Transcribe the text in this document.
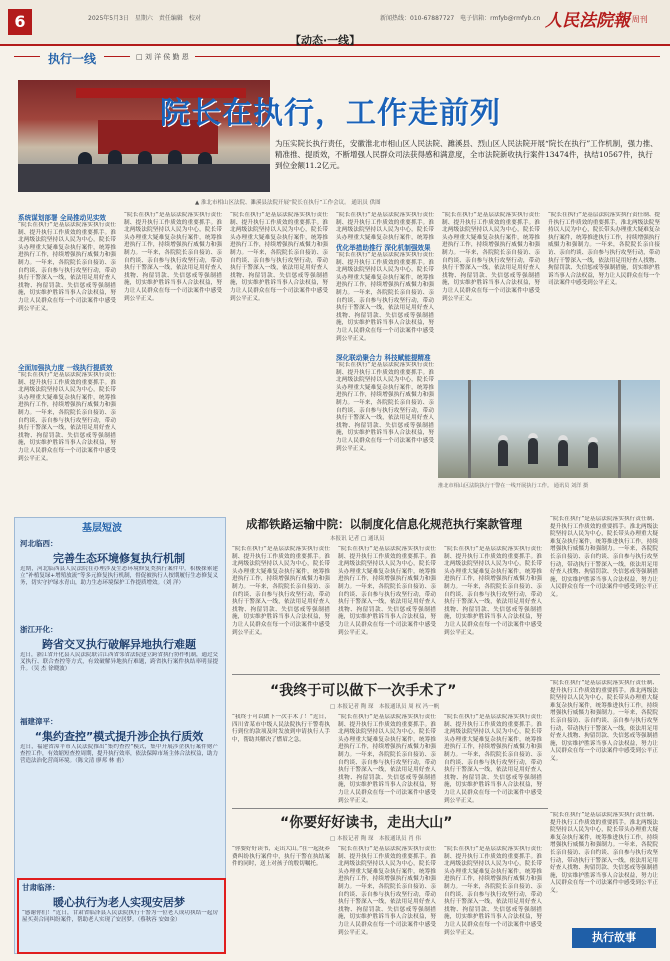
6	2025年5月3日　星期六　责任编辑　校对	新闻热线：010-67887727　电子信箱：rmfyb@rmfyb.cn
【动态·一线】
人民法院報
6 周刊
执行一线	□ 刘 洋 侯 勤 恩
院长在执行，工作走前列
为压实院长执行责任，安徽淮北市相山区人民法院、濉溪县、烈山区人民法院开展“院长在执行”工作机制，强力推、精准推、提质效，不断增强人民群众司法获得感和满意度，全市法院新收执行案件13474件，执结10567件，执行到位金额11.2亿元。
▲ 淮北市相山区法院、濉溪县法院开展“院长在执行”工作会议。 通讯员 供图
系统谋划部署 全局推动见实效
“院长在执行”是基层法院落实执行责任制、提升执行工作质效的重要抓手。淮北两级法院坚持以人民为中心，院长带头办理重大疑难复杂执行案件，统筹推进执行工作，持续增强执行威慑力和强制力。一年来，各院院长亲自接访、亲自约谈、亲自参与执行攻坚行动，带动执行干警深入一线，依法用足用好查人找物、拘留罚款、失信惩戒等强制措施，切实维护胜诉当事人合法权益，努力让人民群众在每一个司法案件中感受到公平正义。
全面加强执力度 一线执行提质效
“院长在执行”是基层法院落实执行责任制、提升执行工作质效的重要抓手。淮北两级法院坚持以人民为中心，院长带头办理重大疑难复杂执行案件，统筹推进执行工作，持续增强执行威慑力和强制力。一年来，各院院长亲自接访、亲自约谈、亲自参与执行攻坚行动，带动执行干警深入一线，依法用足用好查人找物、拘留罚款、失信惩戒等强制措施，切实维护胜诉当事人合法权益，努力让人民群众在每一个司法案件中感受到公平正义。
“院长在执行”是基层法院落实执行责任制、提升执行工作质效的重要抓手。淮北两级法院坚持以人民为中心，院长带头办理重大疑难复杂执行案件，统筹推进执行工作，持续增强执行威慑力和强制力。一年来，各院院长亲自接访、亲自约谈、亲自参与执行攻坚行动，带动执行干警深入一线，依法用足用好查人找物、拘留罚款、失信惩戒等强制措施，切实维护胜诉当事人合法权益，努力让人民群众在每一个司法案件中感受到公平正义。
“院长在执行”是基层法院落实执行责任制、提升执行工作质效的重要抓手。淮北两级法院坚持以人民为中心，院长带头办理重大疑难复杂执行案件，统筹推进执行工作，持续增强执行威慑力和强制力。一年来，各院院长亲自接访、亲自约谈、亲自参与执行攻坚行动，带动执行干警深入一线，依法用足用好查人找物、拘留罚款、失信惩戒等强制措施，切实维护胜诉当事人合法权益，努力让人民群众在每一个司法案件中感受到公平正义。
优化举措助推行 深化机制强效果
“院长在执行”是基层法院落实执行责任制、提升执行工作质效的重要抓手。淮北两级法院坚持以人民为中心，院长带头办理重大疑难复杂执行案件，统筹推
“院长在执行”是基层法院落实执行责任制、提升执行工作质效的重要抓手。淮北两级法院坚持以人民为中心，院长带头办理重大疑难复杂执行案件，统筹推进执行工作，持续增强执行威慑力和强制力。一年来，各院院长亲自接访、亲自约谈、亲自参与执行攻坚行动，带动执行干警深入一线，依法用足用好查人找物、拘留罚款、失信惩戒等强制措施，切实维护胜诉当事人合法权益，努力让人民群众在每一个司法案件中感受到公平正义。
深化联动聚合力 科技赋能提精准
“院长在执行”是基层法院落实执行责任制、提升执行工作质效的重要抓手。淮北两级法院坚持以人民为中心，院长带头办理重大疑难复杂执行案件，统筹推进执行工作，持续增强执行威慑力和强制力。一年来，各院院长亲自接访、亲自约谈、亲自参与执行攻坚行动，带动执行干警深入一线，依法用足用好查人找物、拘留罚款、失信惩戒等强制措施，切实维护胜诉当事人合法权益，努力让人民群众在每一个司法案件中感受到公平正义。
“院长在执行”是基层法院落实执行责任制、提升执行工作质效的重要抓手。淮北两级法院坚持以人民为中心，院长带头办理重大疑难复杂执行案件，统筹推进执行工作，持续增强执行威慑力和强制力。一年来，各院院长亲自接访、亲自约谈、亲自参与执行攻坚行动，带动执行干警深入一线，依法用足用好查人找物、拘留罚款、失信惩戒等强制措施，切实维护胜诉当事人合法权益，努力让人民群众在每一个司法案件中感受到公平正义。
“院长在执行”是基层法院落实执行责任制、提升执行工作质效的重要抓手。淮北两级法院坚持以人民为中心，院长带头办理重大疑难复杂执行案件，统筹推进执行工作，持续增强执行威慑力和强制力。一年来，各院院长亲自接访、亲自约谈、亲自参与执行攻坚行动，带动执行干警深入一线，依法用足用好查人找物、拘留罚款、失信惩戒等强制措施，切实维护胜诉当事人合法权益，努力让人民群众在每一个司法案件中感受到公平正义。
淮北市相山区法院执行干警在一线开展执行工作。 通讯员 刘洋 摄
基层短波
河北临西：
完善生态环境修复执行机制
近期，河北临西县人民法院在办理涉及生态环境修复类执行案件中，积极探索建立“补植复绿+增殖放流”等多元修复执行机制，督促被执行人按期履行生态修复义务，切实守护绿水青山，助力生态环境保护工作提质增效。（刘 洋）
浙江开化：
跨省交叉执行破解异地执行难题
近日，浙江省开化县人民法院联合江西省邻省法院建立跨省执行协作机制，通过交叉执行、联合查控等方式，有效破解异地执行难题，跨省执行案件执结率明显提升。（吴 杰 徐晓波）
福建漳平：
“集约查控”模式提升涉企执行质效
近日，福建省漳平市人民法院推出“集约查控”模式，集中开展涉企执行案件财产查控工作，有效缩短查控周期，提升执行效率，依法保障市场主体合法权益，助力营造法治化营商环境。（陈文清 廖邦 林 甫）
甘肃临泽：
暖心执行为老人实现安居梦
“感谢你们！”近日，甘肃省临泽县人民法院执行干警为一位老人成功执结一起房屋买卖合同纠纷案件，帮助老人实现了安居梦。（蔡秋容 安如金）
成都铁路运输中院：以制度化信息化规范执行案款管理
本报讯 记者 □ 通讯员
“院长在执行”是基层法院落实执行责任制、提升执行工作质效的重要抓手。淮北两级法院坚持以人民为中心，院长带头办理重大疑难复杂执行案件，统筹推进执行工作，持续增强执行威慑力和强制力。一年来，各院院长亲自接访、亲自约谈、亲自参与执行攻坚行动，带动执行干警深入一线，依法用足用好查人找物、拘留罚款、失信惩戒等强制措施，切实维护胜诉当事人合法权益，努力让人民群众在每一个司法案件中感受到公平正义。
“院长在执行”是基层法院落实执行责任制、提升执行工作质效的重要抓手。淮北两级法院坚持以人民为中心，院长带头办理重大疑难复杂执行案件，统筹推进执行工作，持续增强执行威慑力和强制力。一年来，各院院长亲自接访、亲自约谈、亲自参与执行攻坚行动，带动执行干警深入一线，依法用足用好查人找物、拘留罚款、失信惩戒等强制措施，切实维护胜诉当事人合法权益，努力让人民群众在每一个司法案件中感受到公平正义。
“院长在执行”是基层法院落实执行责任制、提升执行工作质效的重要抓手。淮北两级法院坚持以人民为中心，院长带头办理重大疑难复杂执行案件，统筹推进执行工作，持续增强执行威慑力和强制力。一年来，各院院长亲自接访、亲自约谈、亲自参与执行攻坚行动，带动执行干警深入一线，依法用足用好查人找物、拘留罚款、失信惩戒等强制措施，切实维护胜诉当事人合法权益，努力让人民群众在每一个司法案件中感受到公平正义。
“院长在执行”是基层法院落实执行责任制、提升执行工作质效的重要抓手。淮北两级法院坚持以人民为中心，院长带头办理重大疑难复杂执行案件，统筹推进执行工作，持续增强执行威慑力和强制力。一年来，各院院长亲自接访、亲自约谈、亲自参与执行攻坚行动，带动执行干警深入一线，依法用足用好查人找物、拘留罚款、失信惩戒等强制措施，切实维护胜诉当事人合法权益，努力让人民群众在每一个司法案件中感受到公平正义。
“我终于可以做下一次手术了”
□ 本报记者 陶 琛　本报通讯员 周 权 冯一帆
“我终于可以做下一次手术了！”近日，四川省某市中级人民法院执行干警将执行到位的款项及时发放到申请执行人手中，帮助其解决了燃眉之急。
“院长在执行”是基层法院落实执行责任制、提升执行工作质效的重要抓手。淮北两级法院坚持以人民为中心，院长带头办理重大疑难复杂执行案件，统筹推进执行工作，持续增强执行威慑力和强制力。一年来，各院院长亲自接访、亲自约谈、亲自参与执行攻坚行动，带动执行干警深入一线，依法用足用好查人找物、拘留罚款、失信惩戒等强制措施，切实维护胜诉当事人合法权益，努力让人民群众在每一个司法案件中感受到公平正义。
“院长在执行”是基层法院落实执行责任制、提升执行工作质效的重要抓手。淮北两级法院坚持以人民为中心，院长带头办理重大疑难复杂执行案件，统筹推进执行工作，持续增强执行威慑力和强制力。一年来，各院院长亲自接访、亲自约谈、亲自参与执行攻坚行动，带动执行干警深入一线，依法用足用好查人找物、拘留罚款、失信惩戒等强制措施，切实维护胜诉当事人合法权益，努力让人民群众在每一个司法案件中感受到公平正义。
“院长在执行”是基层法院落实执行责任制、提升执行工作质效的重要抓手。淮北两级法院坚持以人民为中心，院长带头办理重大疑难复杂执行案件，统筹推进执行工作，持续增强执行威慑力和强制力。一年来，各院院长亲自接访、亲自约谈、亲自参与执行攻坚行动，带动执行干警深入一线，依法用足用好查人找物、拘留罚款、失信惩戒等强制措施，切实维护胜诉当事人合法权益，努力让人民群众在每一个司法案件中感受到公平正义。
“你要好好读书，走出大山”
□ 本报记者 陶 琛　本报通讯员 肖 伟
“你要好好读书，走出大山。”在一起抚养费纠纷执行案件中，执行干警在执结案件的同时，送上对孩子的殷切嘱托。
“院长在执行”是基层法院落实执行责任制、提升执行工作质效的重要抓手。淮北两级法院坚持以人民为中心，院长带头办理重大疑难复杂执行案件，统筹推进执行工作，持续增强执行威慑力和强制力。一年来，各院院长亲自接访、亲自约谈、亲自参与执行攻坚行动，带动执行干警深入一线，依法用足用好查人找物、拘留罚款、失信惩戒等强制措施，切实维护胜诉当事人合法权益，努力让人民群众在每一个司法案件中感受到公平正义。
“院长在执行”是基层法院落实执行责任制、提升执行工作质效的重要抓手。淮北两级法院坚持以人民为中心，院长带头办理重大疑难复杂执行案件，统筹推进执行工作，持续增强执行威慑力和强制力。一年来，各院院长亲自接访、亲自约谈、亲自参与执行攻坚行动，带动执行干警深入一线，依法用足用好查人找物、拘留罚款、失信惩戒等强制措施，切实维护胜诉当事人合法权益，努力让人民群众在每一个司法案件中感受到公平正义。
“院长在执行”是基层法院落实执行责任制、提升执行工作质效的重要抓手。淮北两级法院坚持以人民为中心，院长带头办理重大疑难复杂执行案件，统筹推进执行工作，持续增强执行威慑力和强制力。一年来，各院院长亲自接访、亲自约谈、亲自参与执行攻坚行动，带动执行干警深入一线，依法用足用好查人找物、拘留罚款、失信惩戒等强制措施，切实维护胜诉当事人合法权益，努力让人民群众在每一个司法案件中感受到公平正义。
执行故事
